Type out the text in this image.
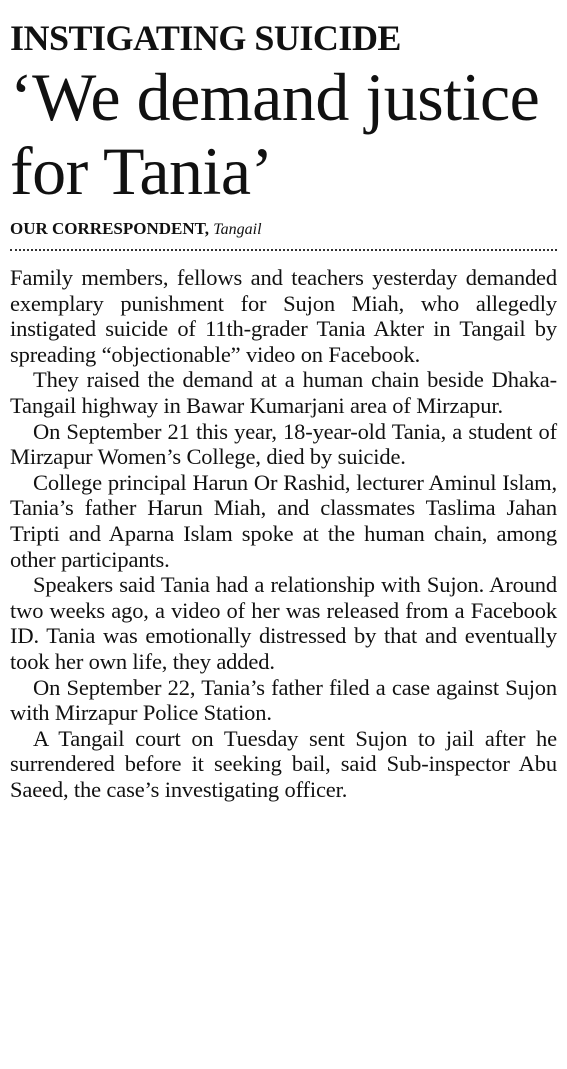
INSTIGATING SUICIDE
‘We demand justice for Tania’
OUR CORRESPONDENT, Tangail

Family members, fellows and teachers yesterday demanded exemplary punishment for Sujon Miah, who allegedly instigated suicide of 11th-grader Tania Akter in Tangail by spreading “objectionable” video on Facebook.

They raised the demand at a human chain beside Dhaka-Tangail highway in Bawar Kumarjani area of Mirzapur.

On September 21 this year, 18-year-old Tania, a student of Mirzapur Women’s College, died by suicide.

College principal Harun Or Rashid, lecturer Aminul Islam, Tania’s father Harun Miah, and classmates Taslima Jahan Tripti and Aparna Islam spoke at the human chain, among other participants.

Speakers said Tania had a relationship with Sujon. Around two weeks ago, a video of her was released from a Facebook ID. Tania was emotionally distressed by that and eventually took her own life, they added.

On September 22, Tania’s father filed a case against Sujon with Mirzapur Police Station.

A Tangail court on Tuesday sent Sujon to jail after he surrendered before it seeking bail, said Sub-inspector Abu Saeed, the case’s investigating officer.
